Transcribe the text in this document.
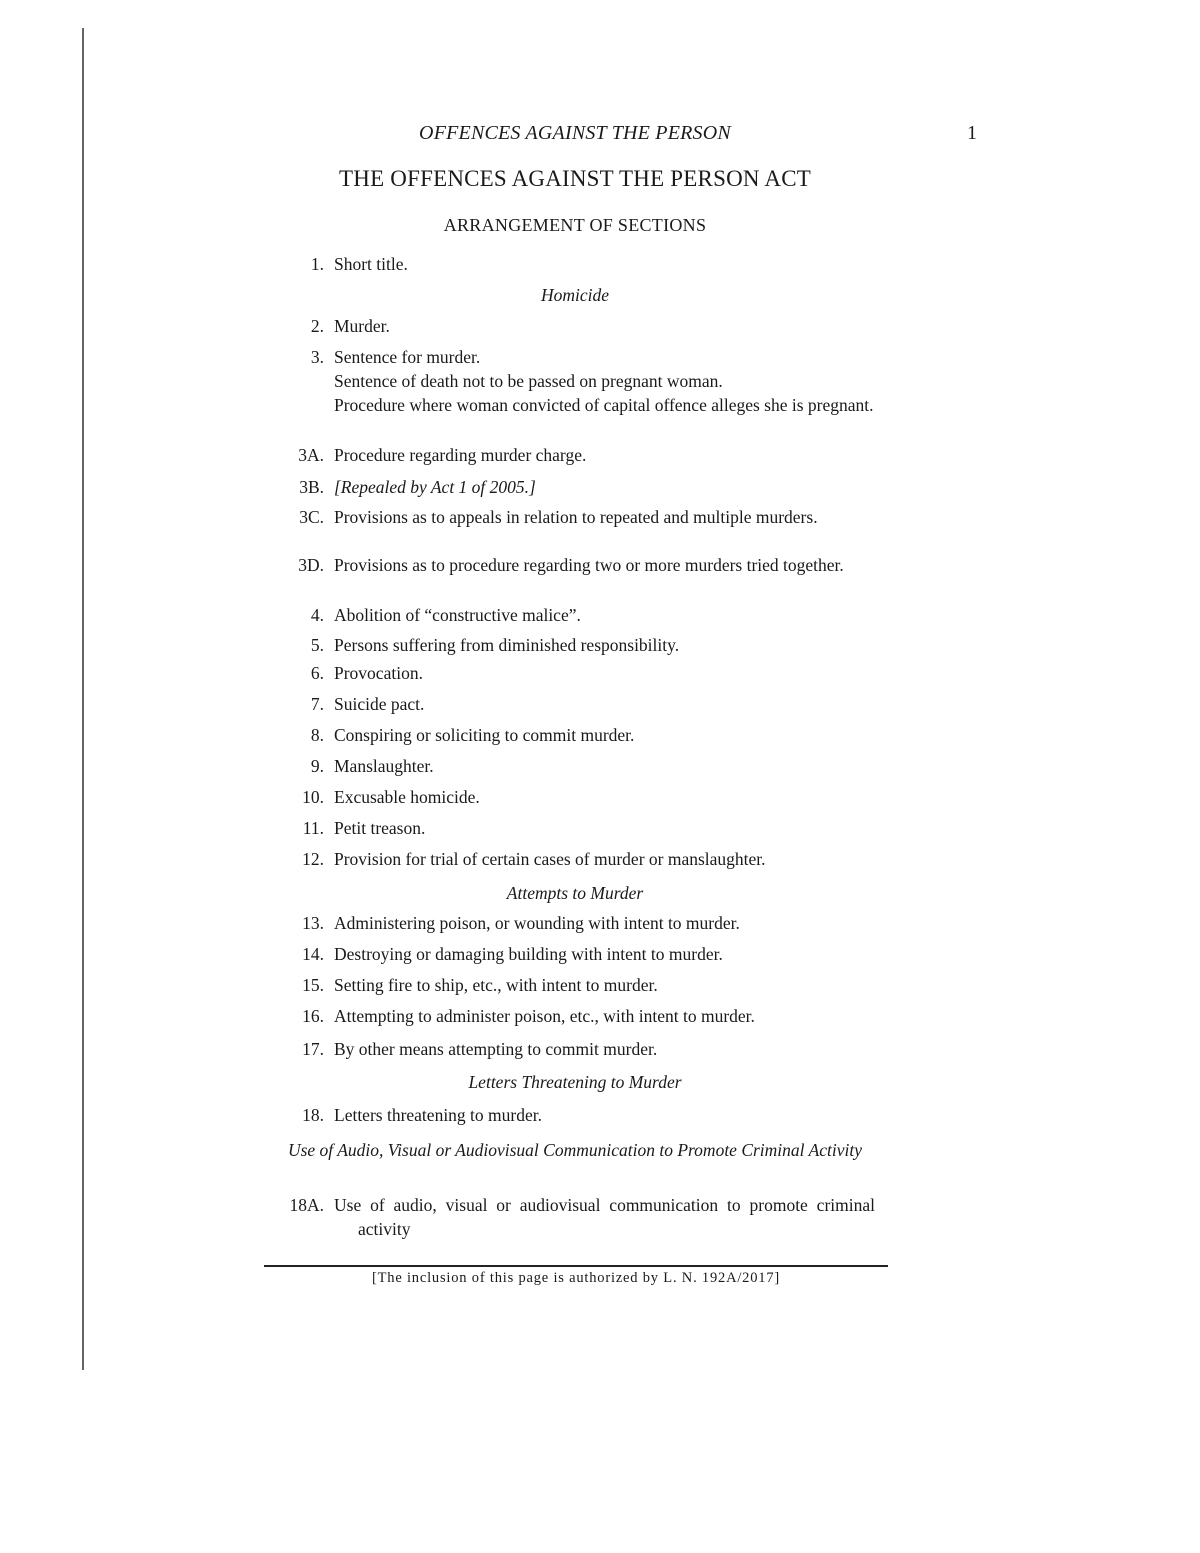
OFFENCES AGAINST THE PERSON	1
THE OFFENCES AGAINST THE PERSON ACT
ARRANGEMENT OF SECTIONS
1. Short title.
Homicide
2. Murder.
3. Sentence for murder.
Sentence of death not to be passed on pregnant woman.
Procedure where woman convicted of capital offence alleges she is pregnant.
3A. Procedure regarding murder charge.
3B. [Repealed by Act 1 of 2005.]
3C. Provisions as to appeals in relation to repeated and multiple murders.
3D. Provisions as to procedure regarding two or more murders tried together.
4. Abolition of “constructive malice”.
5. Persons suffering from diminished responsibility.
6. Provocation.
7. Suicide pact.
8. Conspiring or soliciting to commit murder.
9. Manslaughter.
10. Excusable homicide.
11. Petit treason.
12. Provision for trial of certain cases of murder or manslaughter.
Attempts to Murder
13. Administering poison, or wounding with intent to murder.
14. Destroying or damaging building with intent to murder.
15. Setting fire to ship, etc., with intent to murder.
16. Attempting to administer poison, etc., with intent to murder.
17. By other means attempting to commit murder.
Letters Threatening to Murder
18. Letters threatening to murder.
Use of Audio, Visual or Audiovisual Communication to Promote Criminal Activity
18A. Use of audio, visual or audiovisual communication to promote criminal activity
[The inclusion of this page is authorized by L. N. 192A/2017]
